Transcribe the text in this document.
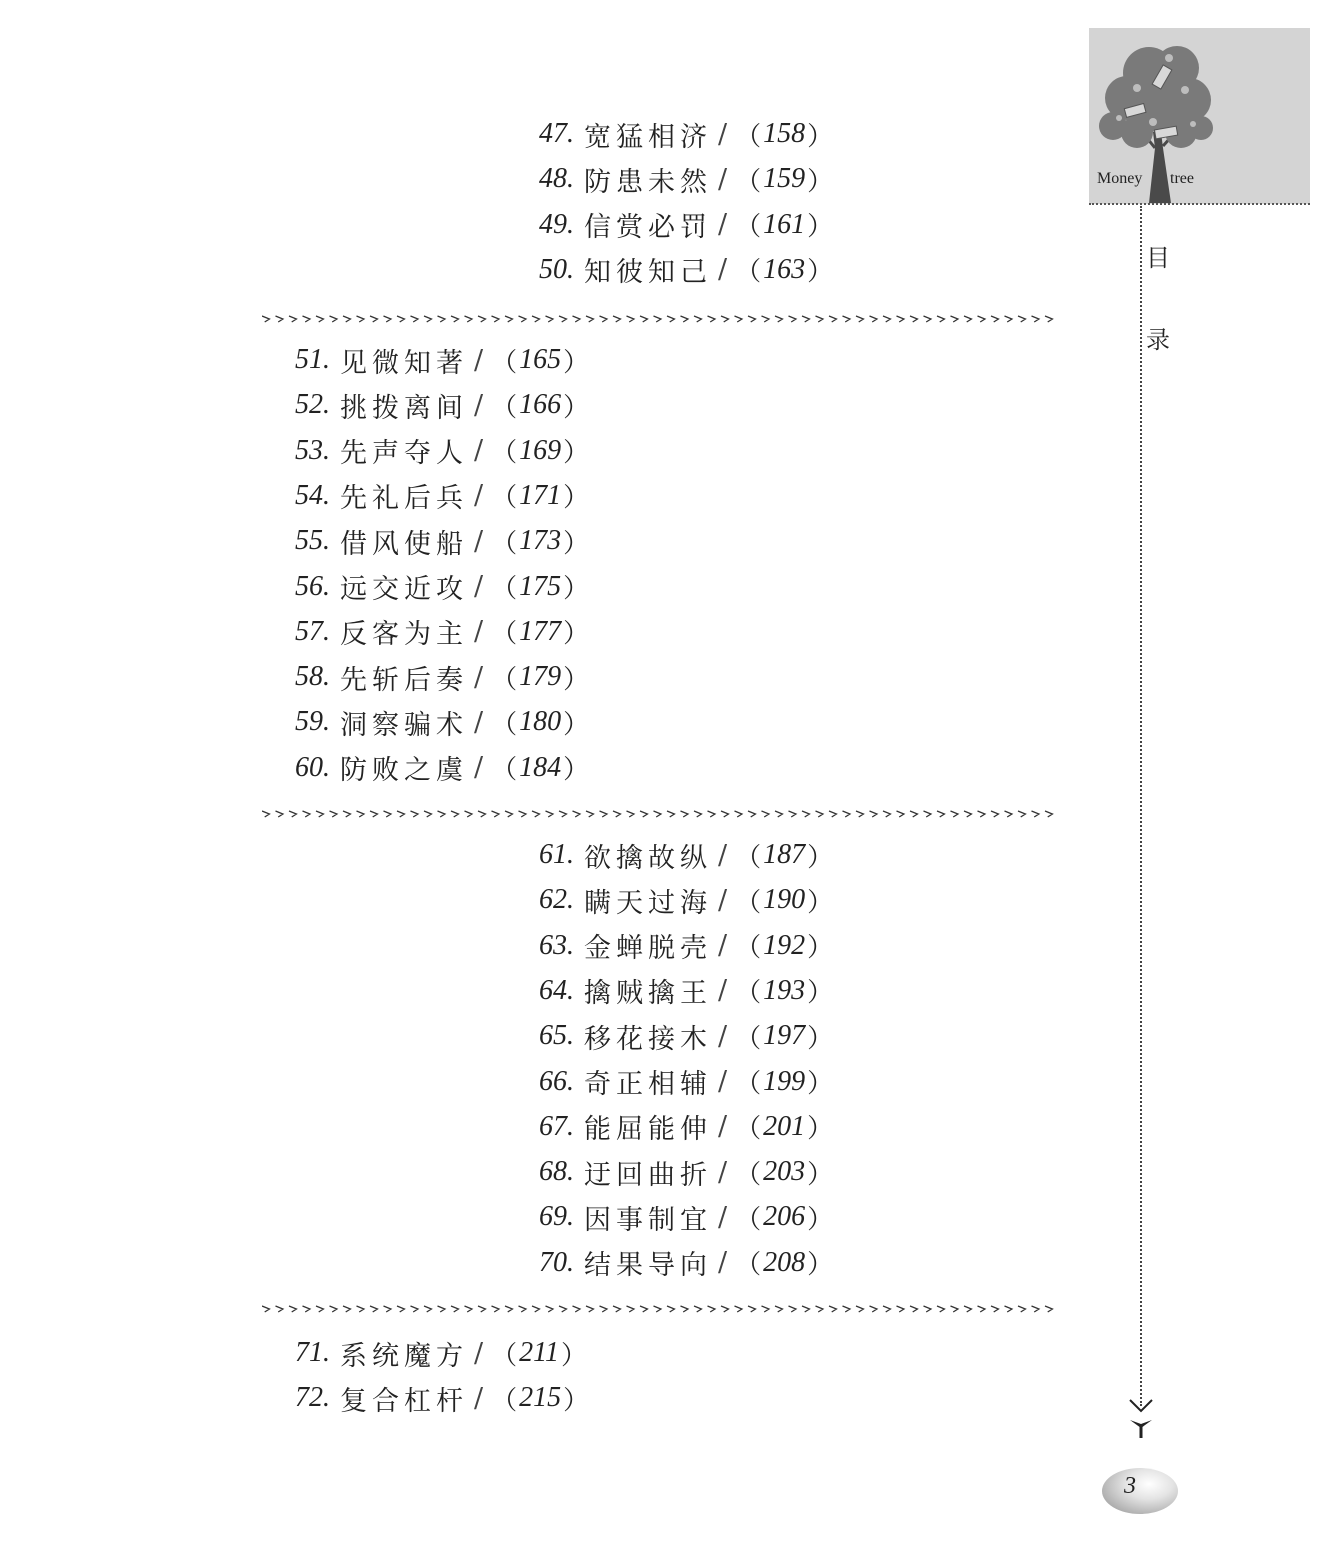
47. 宽猛相济 / （ 158 ）
48. 防患未然 / （ 159 ）
49. 信赏必罚 / （ 161 ）
50. 知彼知己 / （ 163 ）
51. 见微知著 / （ 165 ）
52. 挑拨离间 / （ 166 ）
53. 先声夺人 / （ 169 ）
54. 先礼后兵 / （ 171 ）
55. 借风使船 / （ 173 ）
56. 远交近攻 / （ 175 ）
57. 反客为主 / （ 177 ）
58. 先斩后奏 / （ 179 ）
59. 洞察骗术 / （ 180 ）
60. 防败之虞 / （ 184 ）
61. 欲擒故纵 / （ 187 ）
62. 瞒天过海 / （ 190 ）
63. 金蝉脱壳 / （ 192 ）
64. 擒贼擒王 / （ 193 ）
65. 移花接木 / （ 197 ）
66. 奇正相辅 / （ 199 ）
67. 能屈能伸 / （ 201 ）
68. 迂回曲折 / （ 203 ）
69. 因事制宜 / （ 206 ）
70. 结果导向 / （ 208 ）
71. 系统魔方 / （ 211 ）
72. 复合杠杆 / （ 215 ）
Money tree
目
录
3
